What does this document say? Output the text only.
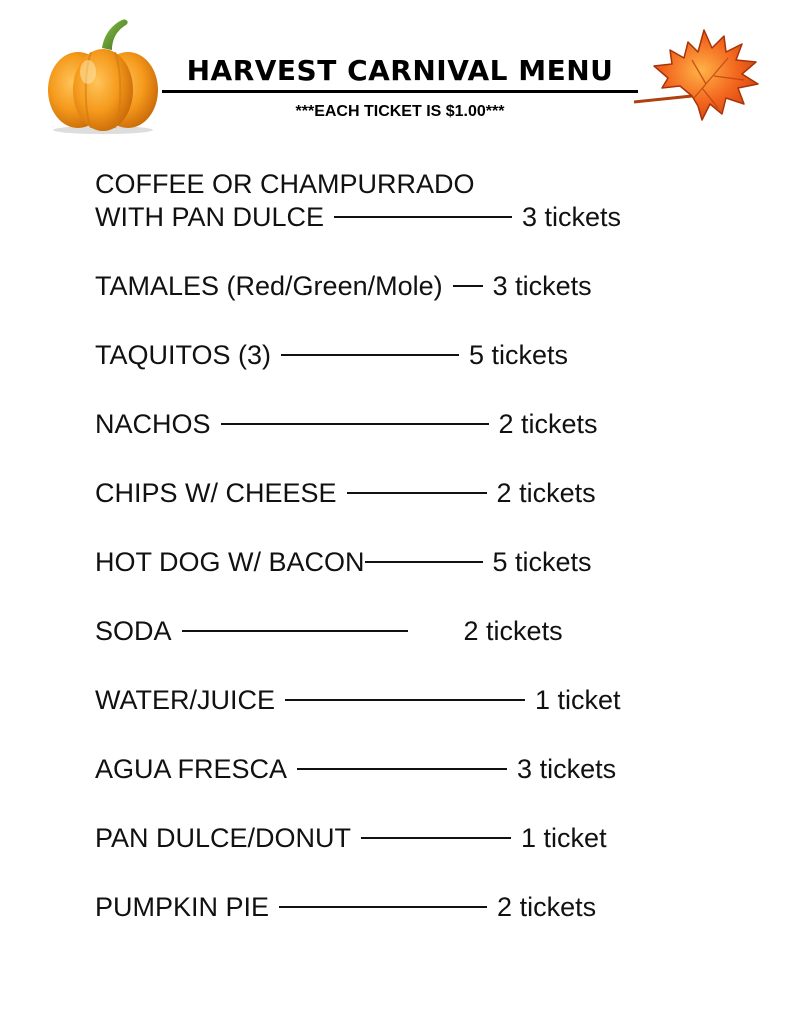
HARVEST CARNIVAL MENU
***EACH TICKET IS $1.00***
COFFEE OR CHAMPURRADO
WITH PAN DULCE	3 tickets
TAMALES (Red/Green/Mole) 3 tickets
TAQUITOS (3)	5 tickets
NACHOS	2 tickets
CHIPS W/ CHEESE	2 tickets
HOT DOG W/ BACON	5 tickets
SODA	2 tickets
WATER/JUICE	1 ticket
AGUA FRESCA	3 tickets
PAN DULCE/DONUT	1 ticket
PUMPKIN PIE	2 tickets
